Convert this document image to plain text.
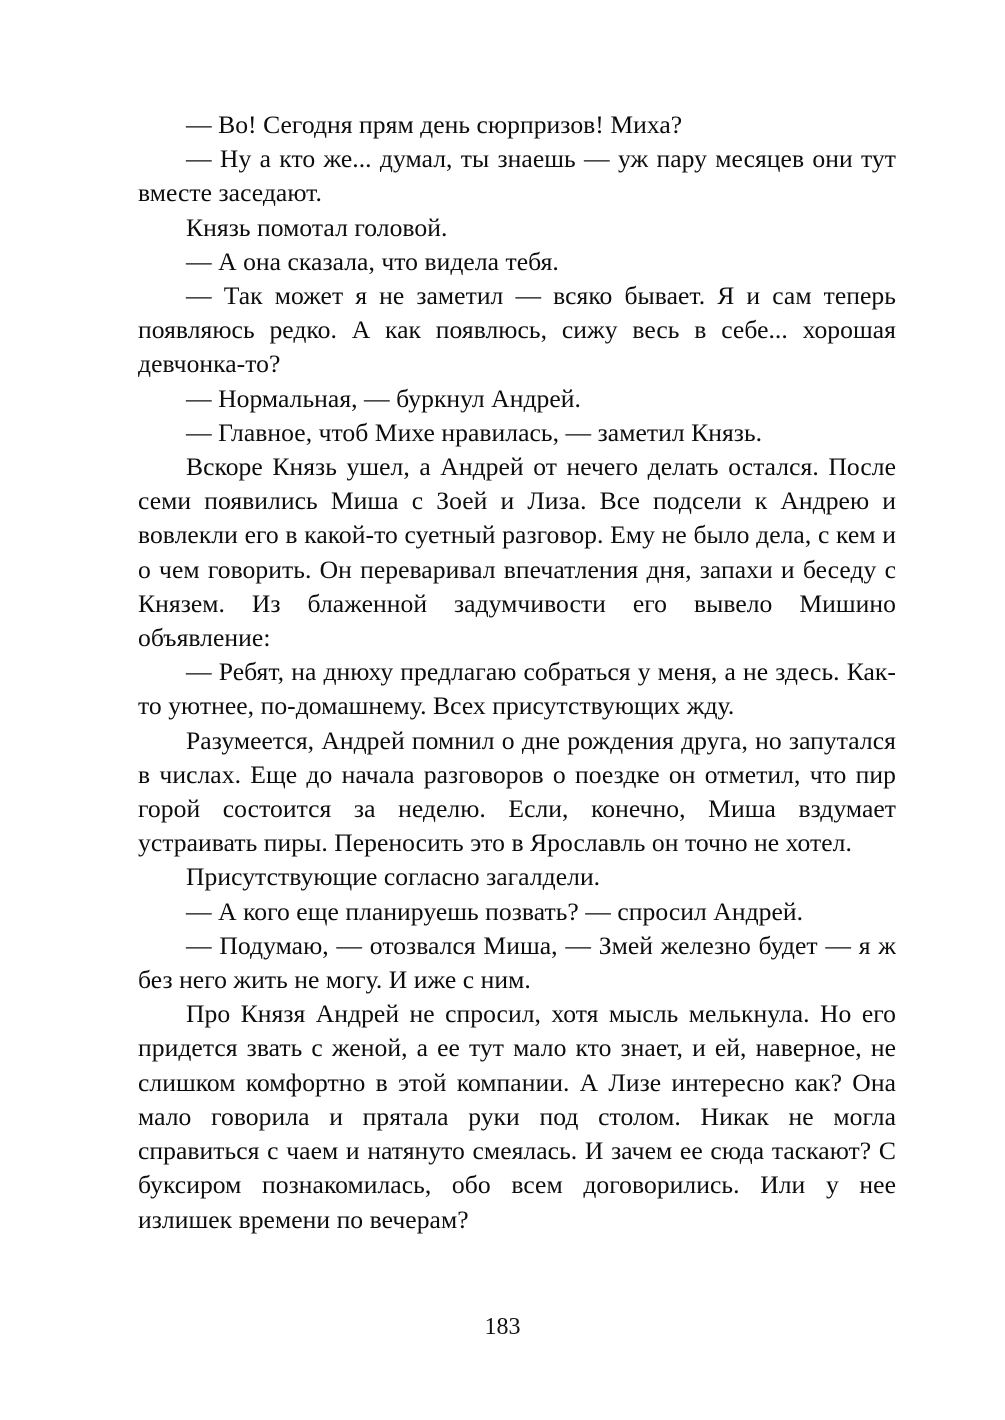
— Во! Сегодня прям день сюрпризов! Миха?

— Ну а кто же... думал, ты знаешь — уж пару месяцев они тут вместе заседают.

Князь помотал головой.

— А она сказала, что видела тебя.

— Так может я не заметил — всяко бывает. Я и сам теперь появляюсь редко. А как появлюсь, сижу весь в себе... хорошая девчонка-то?

— Нормальная, — буркнул Андрей.

— Главное, чтоб Михе нравилась, — заметил Князь.

Вскоре Князь ушел, а Андрей от нечего делать остался. После семи появились Миша с Зоей и Лиза. Все подсели к Андрею и вовлекли его в какой-то суетный разговор. Ему не было дела, с кем и о чем говорить. Он переваривал впечатления дня, запахи и беседу с Князем. Из блаженной задумчивости его вывело Мишино объявление:

— Ребят, на днюху предлагаю собраться у меня, а не здесь. Как-то уютнее, по-домашнему. Всех присутствующих жду.

Разумеется, Андрей помнил о дне рождения друга, но запутался в числах. Еще до начала разговоров о поездке он отметил, что пир горой состоится за неделю. Если, конечно, Миша вздумает устраивать пиры. Переносить это в Ярославль он точно не хотел.

Присутствующие согласно загалдели.

— А кого еще планируешь позвать? — спросил Андрей.

— Подумаю, — отозвался Миша, — Змей железно будет — я ж без него жить не могу. И иже с ним.

Про Князя Андрей не спросил, хотя мысль мелькнула. Но его придется звать с женой, а ее тут мало кто знает, и ей, наверное, не слишком комфортно в этой компании. А Лизе интересно как? Она мало говорила и прятала руки под столом. Никак не могла справиться с чаем и натянуто смеялась. И зачем ее сюда таскают? С буксиром познакомилась, обо всем договорились. Или у нее излишек времени по вечерам?

183
